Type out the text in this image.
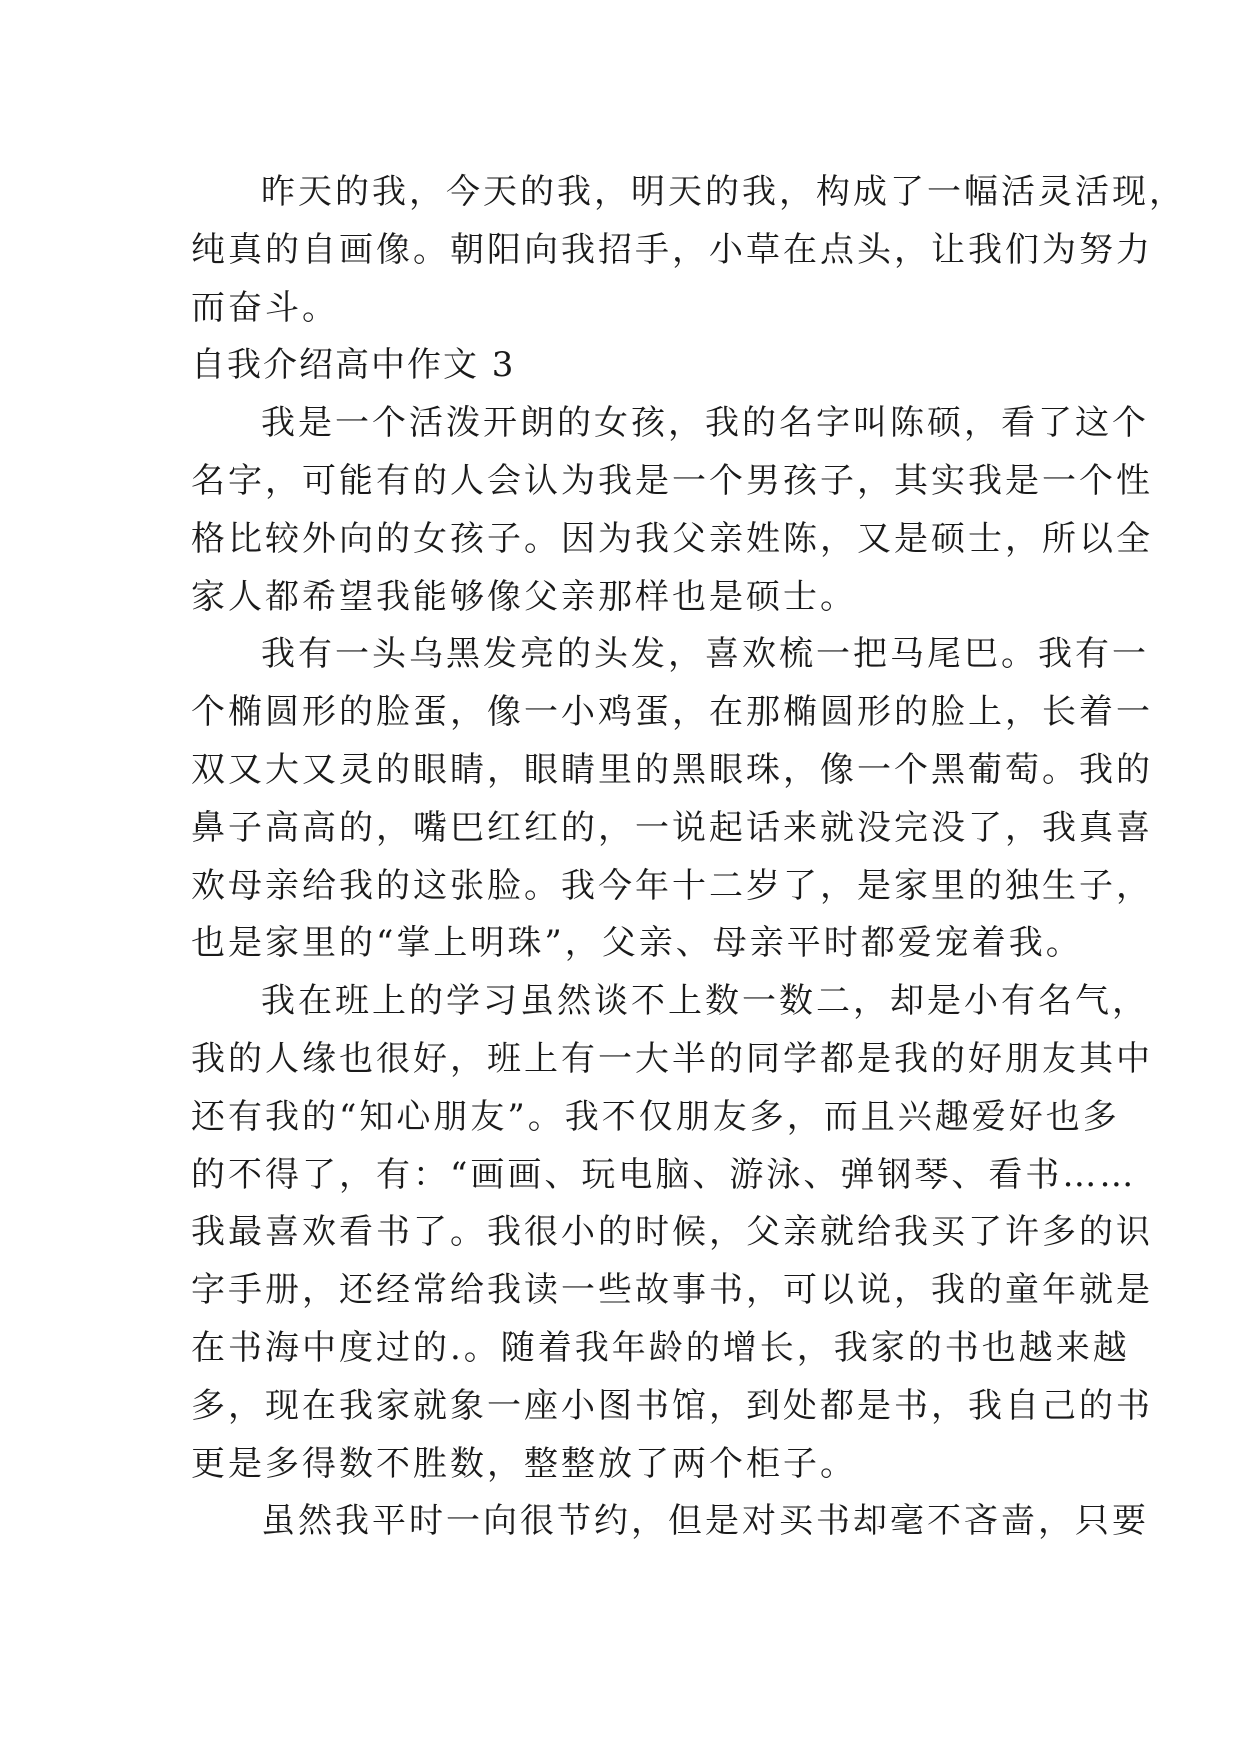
昨天的我，今天的我，明天的我，构成了一幅活灵活现，
纯真的自画像。朝阳向我招手，小草在点头，让我们为努力
而奋斗。
自我介绍高中作文 3
我是一个活泼开朗的女孩，我的名字叫陈硕，看了这个
名字，可能有的人会认为我是一个男孩子，其实我是一个性
格比较外向的女孩子。因为我父亲姓陈，又是硕士，所以全
家人都希望我能够像父亲那样也是硕士。
我有一头乌黑发亮的头发，喜欢梳一把马尾巴。我有一
个椭圆形的脸蛋，像一小鸡蛋，在那椭圆形的脸上，长着一
双又大又灵的眼睛，眼睛里的黑眼珠，像一个黑葡萄。我的
鼻子高高的，嘴巴红红的，一说起话来就没完没了，我真喜
欢母亲给我的这张脸。我今年十二岁了，是家里的独生子，
也是家里的“掌上明珠”，父亲、母亲平时都爱宠着我。
我在班上的学习虽然谈不上数一数二，却是小有名气，
我的人缘也很好，班上有一大半的同学都是我的好朋友其中
还有我的“知心朋友”。我不仅朋友多，而且兴趣爱好也多
的不得了，有：“画画、玩电脑、游泳、弹钢琴、看书……
我最喜欢看书了。我很小的时候，父亲就给我买了许多的识
字手册，还经常给我读一些故事书，可以说，我的童年就是
在书海中度过的.。随着我年龄的增长，我家的书也越来越
多，现在我家就象一座小图书馆，到处都是书，我自己的书
更是多得数不胜数，整整放了两个柜子。
虽然我平时一向很节约，但是对买书却毫不吝啬，只要
